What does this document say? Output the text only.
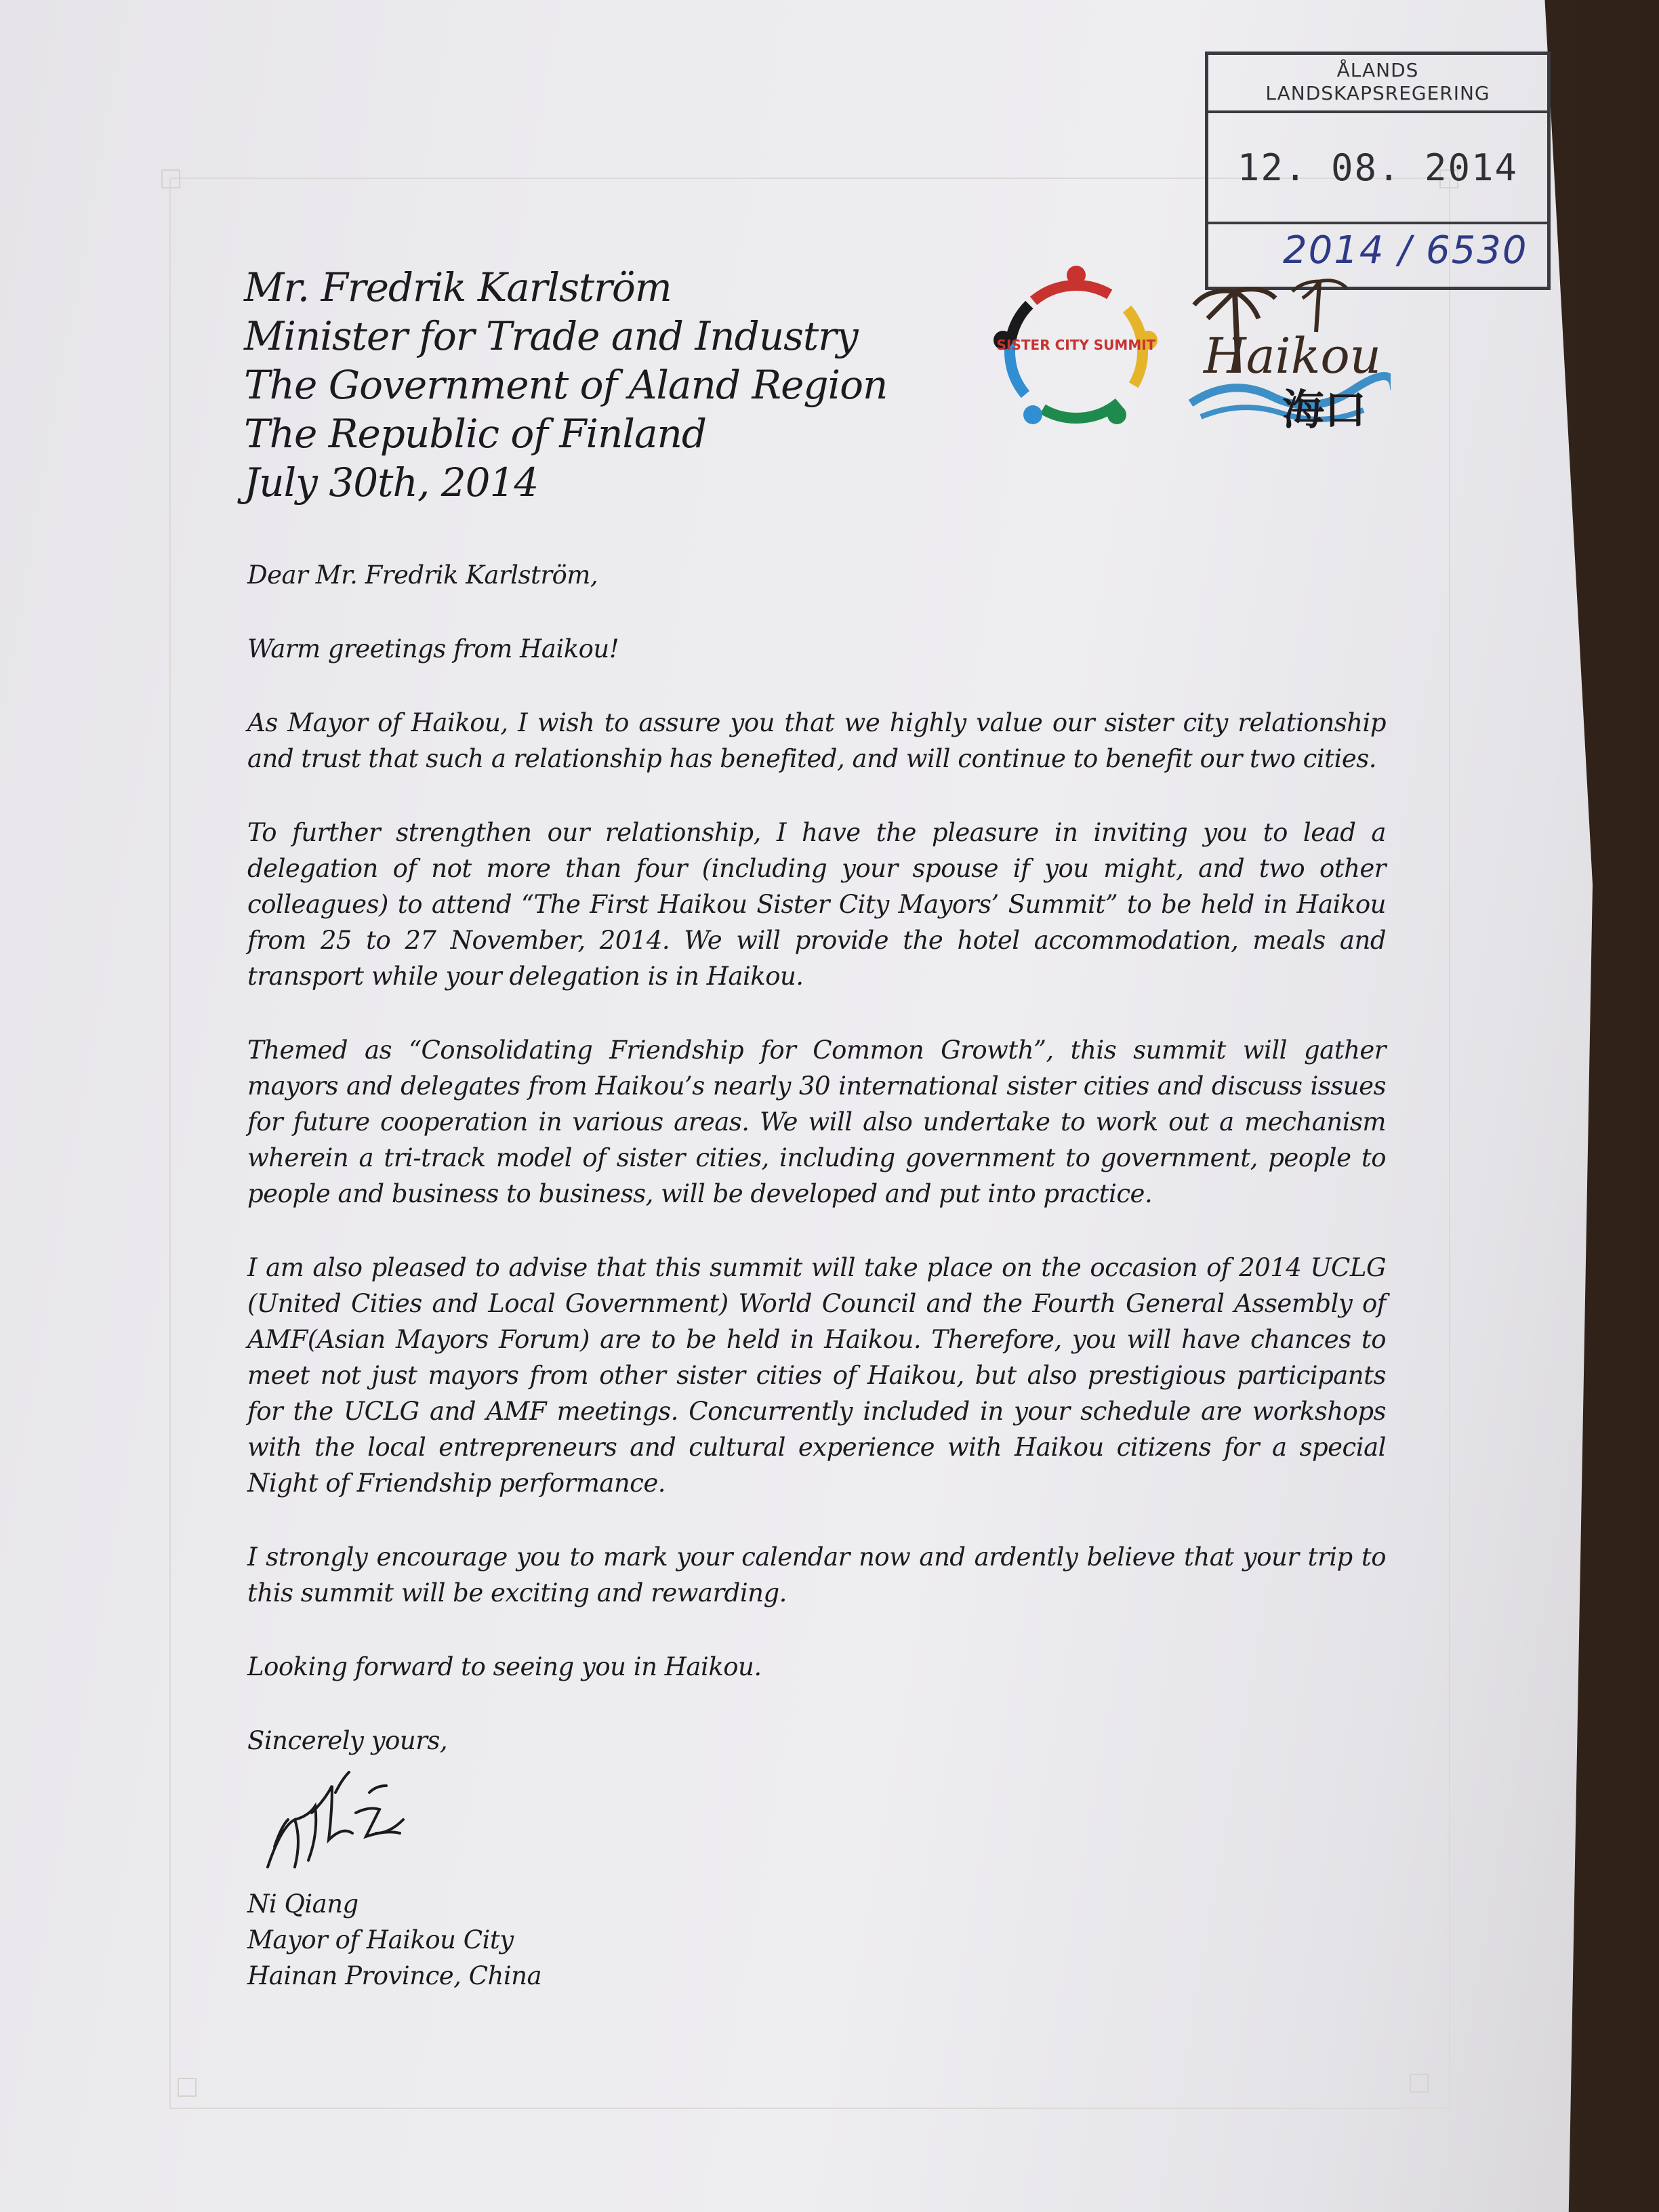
ÅLANDS
LANDSKAPSREGERING
12. 08. 2014
2014 / 6530
SISTER CITY SUMMIT Haikou
海口
Mr. Fredrik Karlström
Minister for Trade and Industry
The Government of Aland Region
The Republic of Finland
July 30th, 2014

Dear Mr. Fredrik Karlström,

Warm greetings from Haikou!

As Mayor of Haikou, I wish to assure you that we highly value our sister city relationship and trust that such a relationship has benefited, and will continue to benefit our two cities.

To further strengthen our relationship, I have the pleasure in inviting you to lead a delegation of not more than four (including your spouse if you might, and two other colleagues) to attend “The First Haikou Sister City Mayors’ Summit” to be held in Haikou from 25 to 27 November, 2014. We will provide the hotel accommodation, meals and transport while your delegation is in Haikou.

Themed as “Consolidating Friendship for Common Growth”, this summit will gather mayors and delegates from Haikou’s nearly 30 international sister cities and discuss issues for future cooperation in various areas. We will also undertake to work out a mechanism wherein a tri-track model of sister cities, including government to government, people to people and business to business, will be developed and put into practice.

I am also pleased to advise that this summit will take place on the occasion of 2014 UCLG (United Cities and Local Government) World Council and the Fourth General Assembly of AMF(Asian Mayors Forum) are to be held in Haikou. Therefore, you will have chances to meet not just mayors from other sister cities of Haikou, but also prestigious participants for the UCLG and AMF meetings. Concurrently included in your schedule are workshops with the local entrepreneurs and cultural experience with Haikou citizens for a special Night of Friendship performance.

I strongly encourage you to mark your calendar now and ardently believe that your trip to this summit will be exciting and rewarding.

Looking forward to seeing you in Haikou.

Sincerely yours,

Ni Qiang
Mayor of Haikou City
Hainan Province, China
